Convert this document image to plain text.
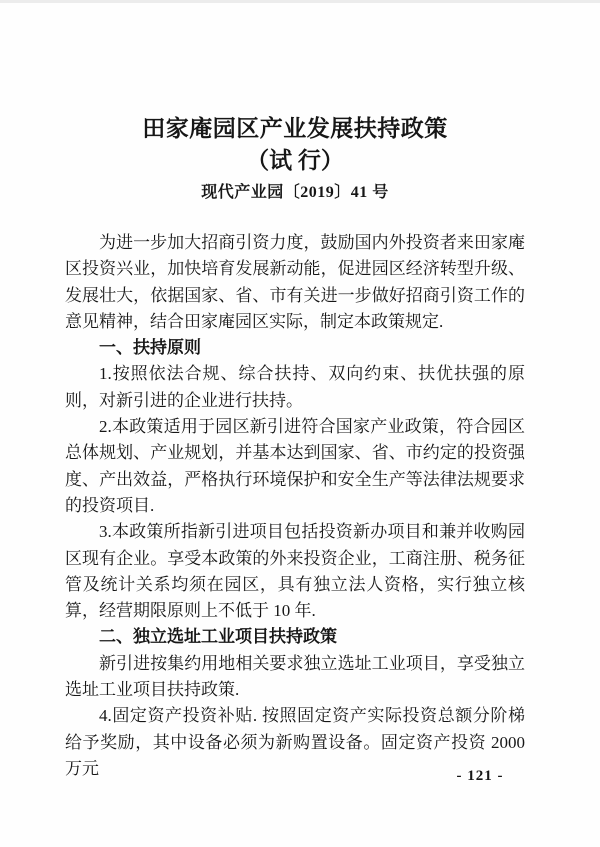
田家庵园区产业发展扶持政策
（试 行）
现代产业园〔2019〕41 号

为进一步加大招商引资力度，鼓励国内外投资者来田家庵区投资兴业，加快培育发展新动能，促进园区经济转型升级、发展壮大，依据国家、省、市有关进一步做好招商引资工作的意见精神，结合田家庵园区实际，制定本政策规定.

一、扶持原则

1.按照依法合规、综合扶持、双向约束、扶优扶强的原则，对新引进的企业进行扶持。

2.本政策适用于园区新引进符合国家产业政策，符合园区总体规划、产业规划，并基本达到国家、省、市约定的投资强度、产出效益，严格执行环境保护和安全生产等法律法规要求的投资项目.

3.本政策所指新引进项目包括投资新办项目和兼并收购园区现有企业。享受本政策的外来投资企业，工商注册、税务征管及统计关系均须在园区，具有独立法人资格，实行独立核算，经营期限原则上不低于 10 年.

二、独立选址工业项目扶持政策

新引进按集约用地相关要求独立选址工业项目，享受独立选址工业项目扶持政策.

4.固定资产投资补贴. 按照固定资产实际投资总额分阶梯给予奖励，其中设备必须为新购置设备。固定资产投资 2000 万元	- 121 -
